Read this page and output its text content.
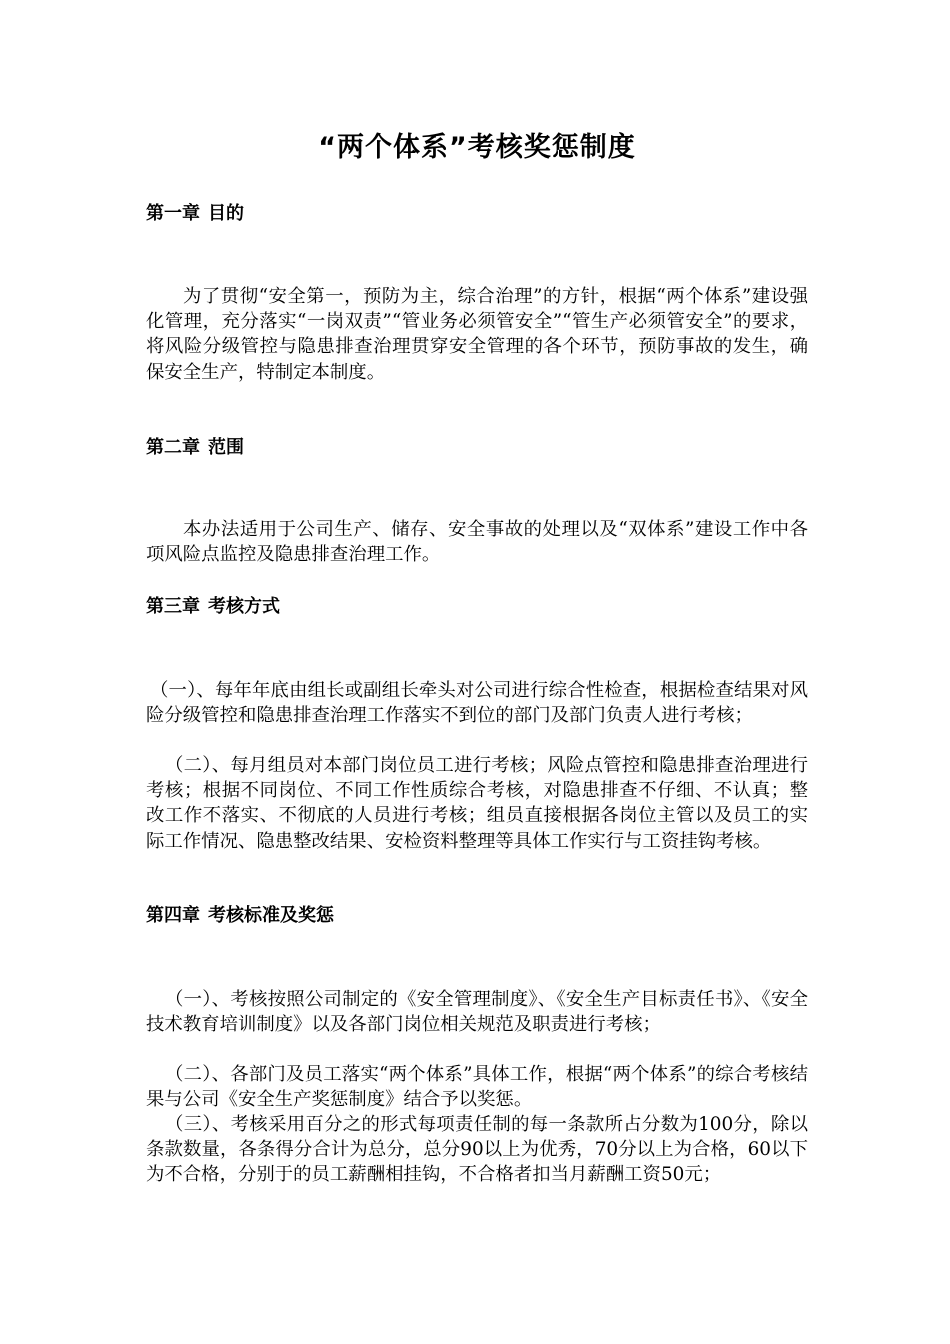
“两个体系”考核奖惩制度
第一章 目的

为了贯彻“安全第一，预防为主，综合治理”的方针，根据“两个体系”建设强化管理，充分落实“一岗双责”“管业务必须管安全”“管生产必须管安全”的要求，将风险分级管控与隐患排查治理贯穿安全管理的各个环节，预防事故的发生，确保安全生产，特制定本制度。

第二章 范围

本办法适用于公司生产、储存、安全事故的处理以及“双体系”建设工作中各项风险点监控及隐患排查治理工作。

第三章 考核方式

（一）、每年年底由组长或副组长牵头对公司进行综合性检查，根据检查结果对风险分级管控和隐患排查治理工作落实不到位的部门及部门负责人进行考核；

（二）、每月组员对本部门岗位员工进行考核；风险点管控和隐患排查治理进行考核；根据不同岗位、不同工作性质综合考核，对隐患排查不仔细、不认真；整改工作不落实、不彻底的人员进行考核；组员直接根据各岗位主管以及员工的实际工作情况、隐患整改结果、安检资料整理等具体工作实行与工资挂钩考核。

第四章 考核标准及奖惩

（一）、考核按照公司制定的《安全管理制度》、《安全生产目标责任书》、《安全技术教育培训制度》以及各部门岗位相关规范及职责进行考核；

（二）、各部门及员工落实“两个体系”具体工作，根据“两个体系”的综合考核结果与公司《安全生产奖惩制度》结合予以奖惩。

（三）、考核采用百分之的形式每项责任制的每一条款所占分数为100分，除以条款数量，各条得分合计为总分，总分90以上为优秀，70分以上为合格，60以下为不合格，分别于的员工薪酬相挂钩，不合格者扣当月薪酬工资50元；
